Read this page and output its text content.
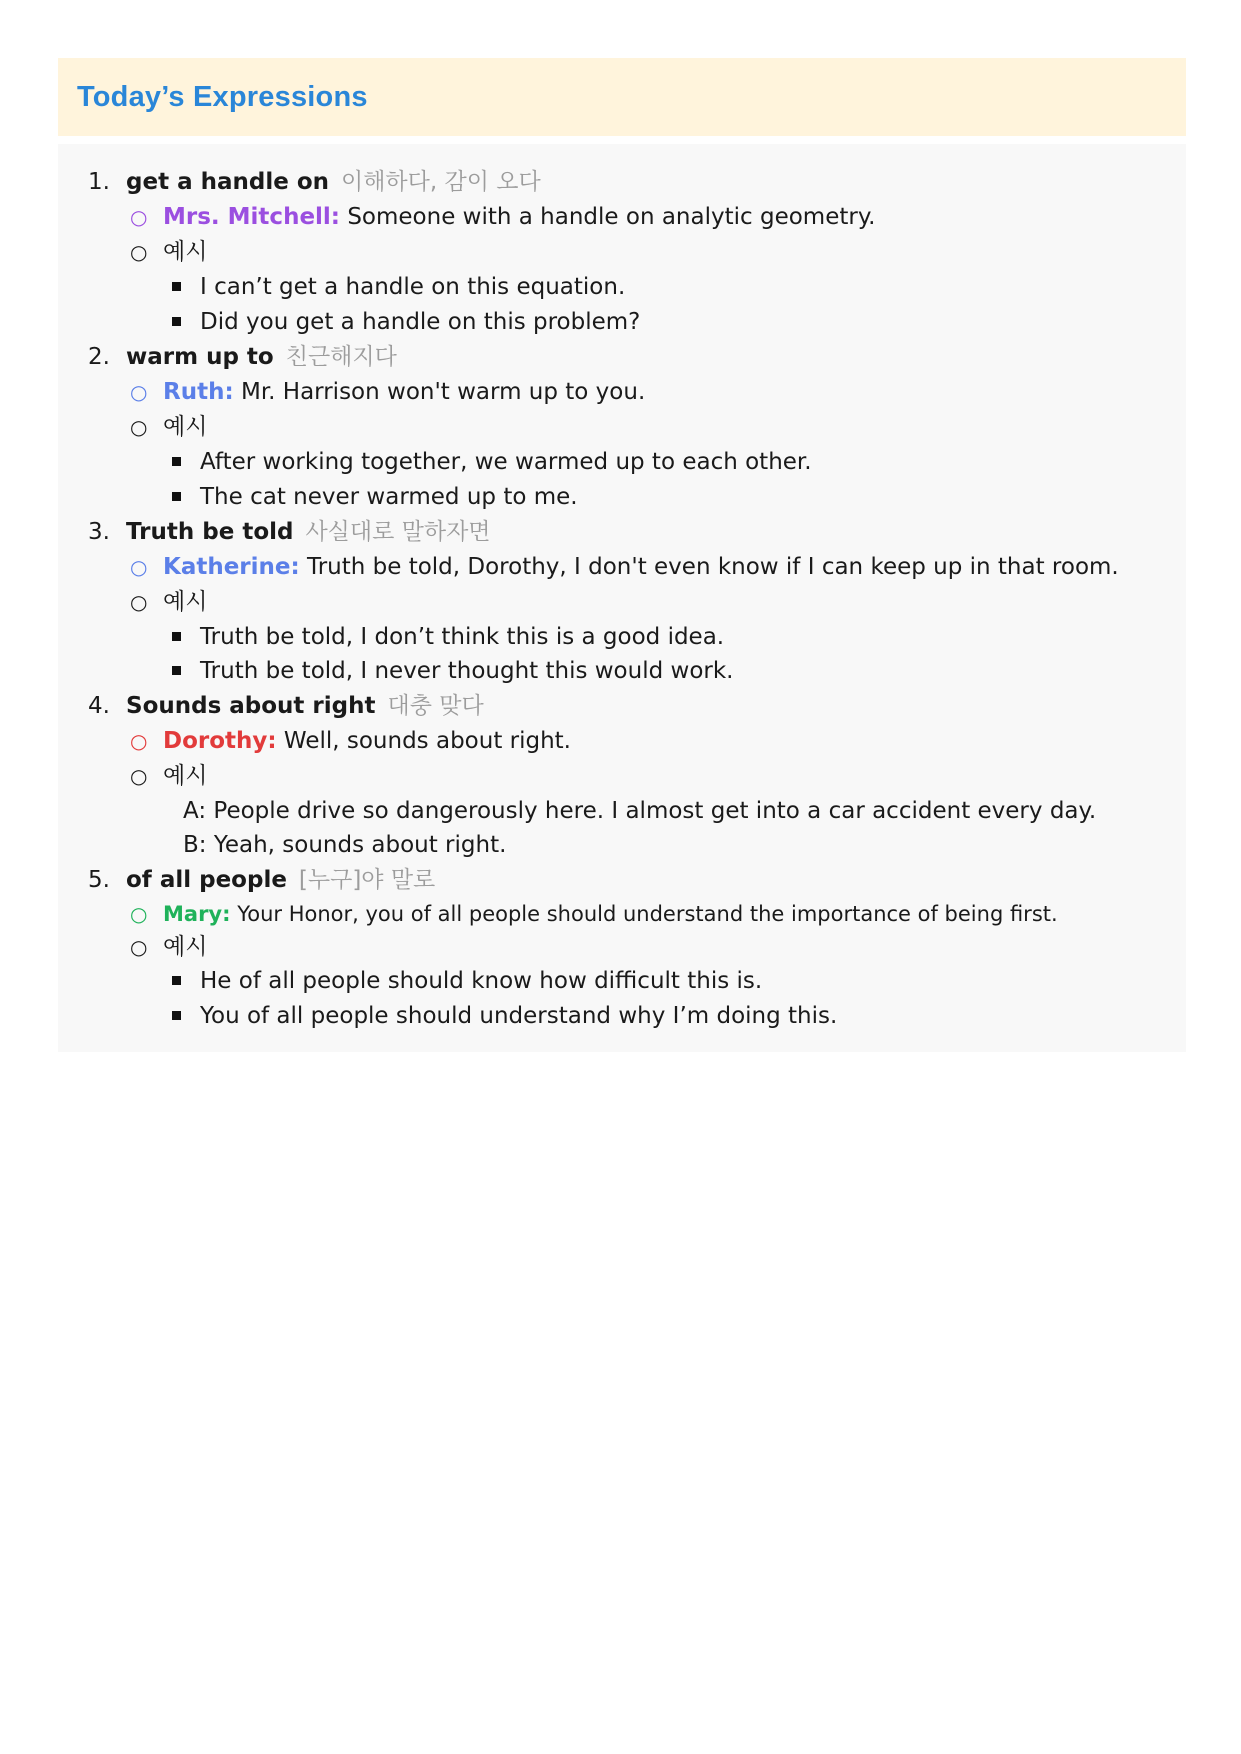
Today’s Expressions
1. get a handle on 이해하다, 감이 오다
○ Mrs. Mitchell: Someone with a handle on analytic geometry.
○ 예시
I can’t get a handle on this equation.
Did you get a handle on this problem?
2. warm up to 친근해지다
○ Ruth: Mr. Harrison won't warm up to you.
○ 예시
After working together, we warmed up to each other.
The cat never warmed up to me.
3. Truth be told 사실대로 말하자면
○ Katherine: Truth be told, Dorothy, I don't even know if I can keep up in that room.
○ 예시
Truth be told, I don’t think this is a good idea.
Truth be told, I never thought this would work.
4. Sounds about right 대충 맞다
○ Dorothy: Well, sounds about right.
○ 예시
A: People drive so dangerously here. I almost get into a car accident every day.
B: Yeah, sounds about right.
5. of all people [누구]야 말로
○ Mary: Your Honor, you of all people should understand the importance of being first.
○ 예시
He of all people should know how difficult this is.
You of all people should understand why I’m doing this.
